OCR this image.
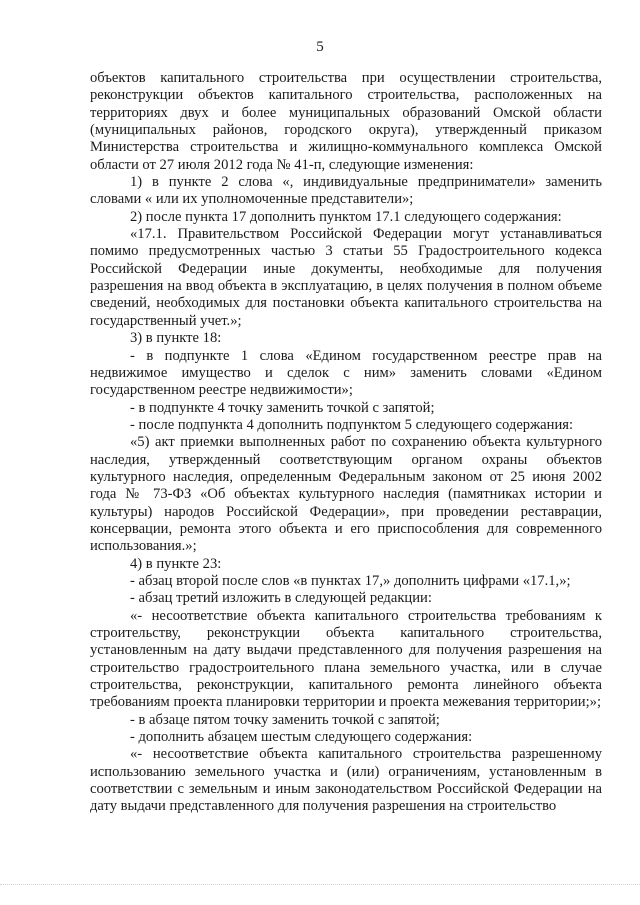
5

объектов капитального строительства при осуществлении строительства, реконструкции объектов капитального строительства, расположенных на территориях двух и более муниципальных образований Омской области (муниципальных районов, городского округа), утвержденный приказом Министерства строительства и жилищно-коммунального комплекса Омской области от 27 июля 2012 года № 41-п, следующие изменения:

1) в пункте 2 слова «, индивидуальные предприниматели» заменить словами « или их уполномоченные представители»;

2) после пункта 17 дополнить пунктом 17.1 следующего содержания:

«17.1. Правительством Российской Федерации могут устанавливаться помимо предусмотренных частью 3 статьи 55 Градостроительного кодекса Российской Федерации иные документы, необходимые для получения разрешения на ввод объекта в эксплуатацию, в целях получения в полном объеме сведений, необходимых для постановки объекта капитального строительства на государственный учет.»;

3) в пункте 18:

- в подпункте 1 слова «Едином государственном реестре прав на недвижимое имущество и сделок с ним» заменить словами «Едином государственном реестре недвижимости»;

- в подпункте 4 точку заменить точкой с запятой;

- после подпункта 4 дополнить подпунктом 5 следующего содержания:

«5) акт приемки выполненных работ по сохранению объекта культурного наследия, утвержденный соответствующим органом охраны объектов культурного наследия, определенным Федеральным законом от 25 июня 2002 года № 73-ФЗ «Об объектах культурного наследия (памятниках истории и культуры) народов Российской Федерации», при проведении реставрации, консервации, ремонта этого объекта и его приспособления для современного использования.»;

4) в пункте 23:

- абзац второй после слов «в пунктах 17,» дополнить цифрами «17.1,»;

- абзац третий изложить в следующей редакции:

«- несоответствие объекта капитального строительства требованиям к строительству, реконструкции объекта капитального строительства, установленным на дату выдачи представленного для получения разрешения на строительство градостроительного плана земельного участка, или в случае строительства, реконструкции, капитального ремонта линейного объекта требованиям проекта планировки территории и проекта межевания территории;»;

- в абзаце пятом точку заменить точкой с запятой;

- дополнить абзацем шестым следующего содержания:

«- несоответствие объекта капитального строительства разрешенному использованию земельного участка и (или) ограничениям, установленным в соответствии с земельным и иным законодательством Российской Федерации на дату выдачи представленного для получения разрешения на строительство
